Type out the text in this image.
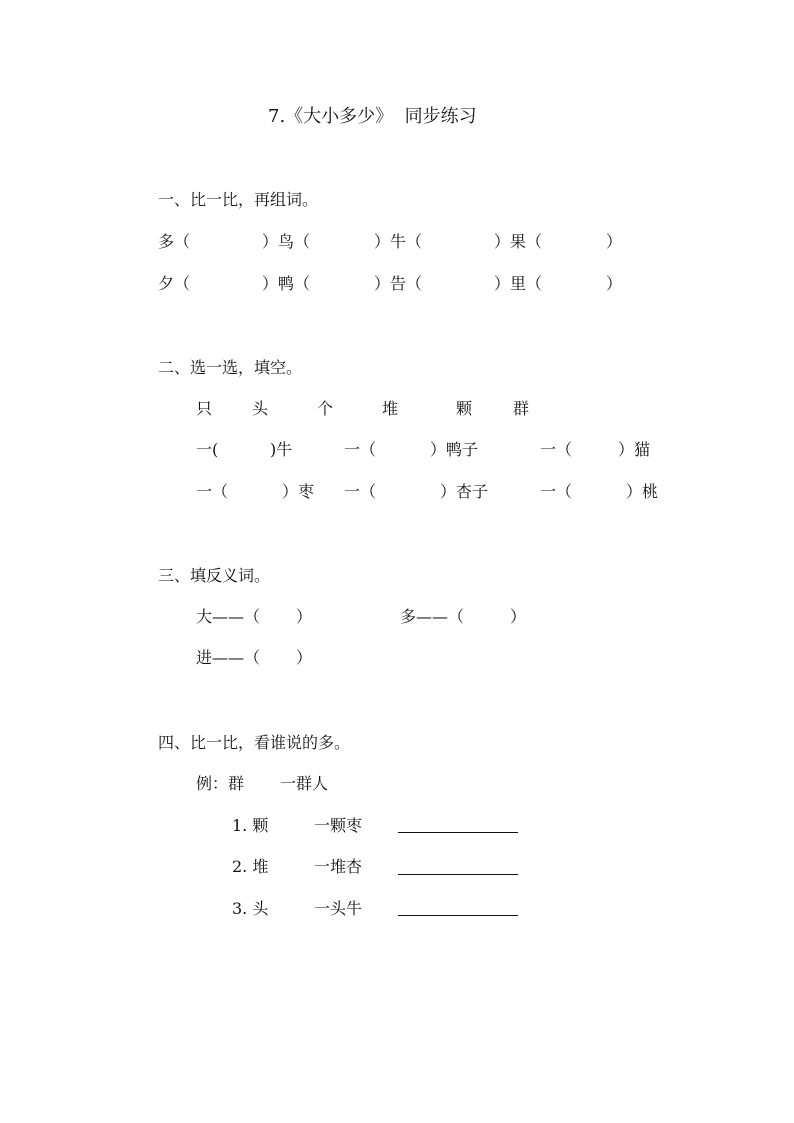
7.《大小多少》  同步练习
一、比一比，再组词。
多（	）鸟（	）牛（	）果（	）
夕（	）鸭（	）告（	）里（	）
二、选一选，填空。
只 头	个	堆	颗	群
一(	)牛	一（	）鸭子	一（	）猫
一（	）枣 一（	）杏子	一（	）桃
三、填反义词。
大——（ ）	多——（	）
进——（ ）
四、比一比，看谁说的多。
例：群 一群人
1. 颗	一颗枣
2. 堆	一堆杏
3. 头	一头牛
